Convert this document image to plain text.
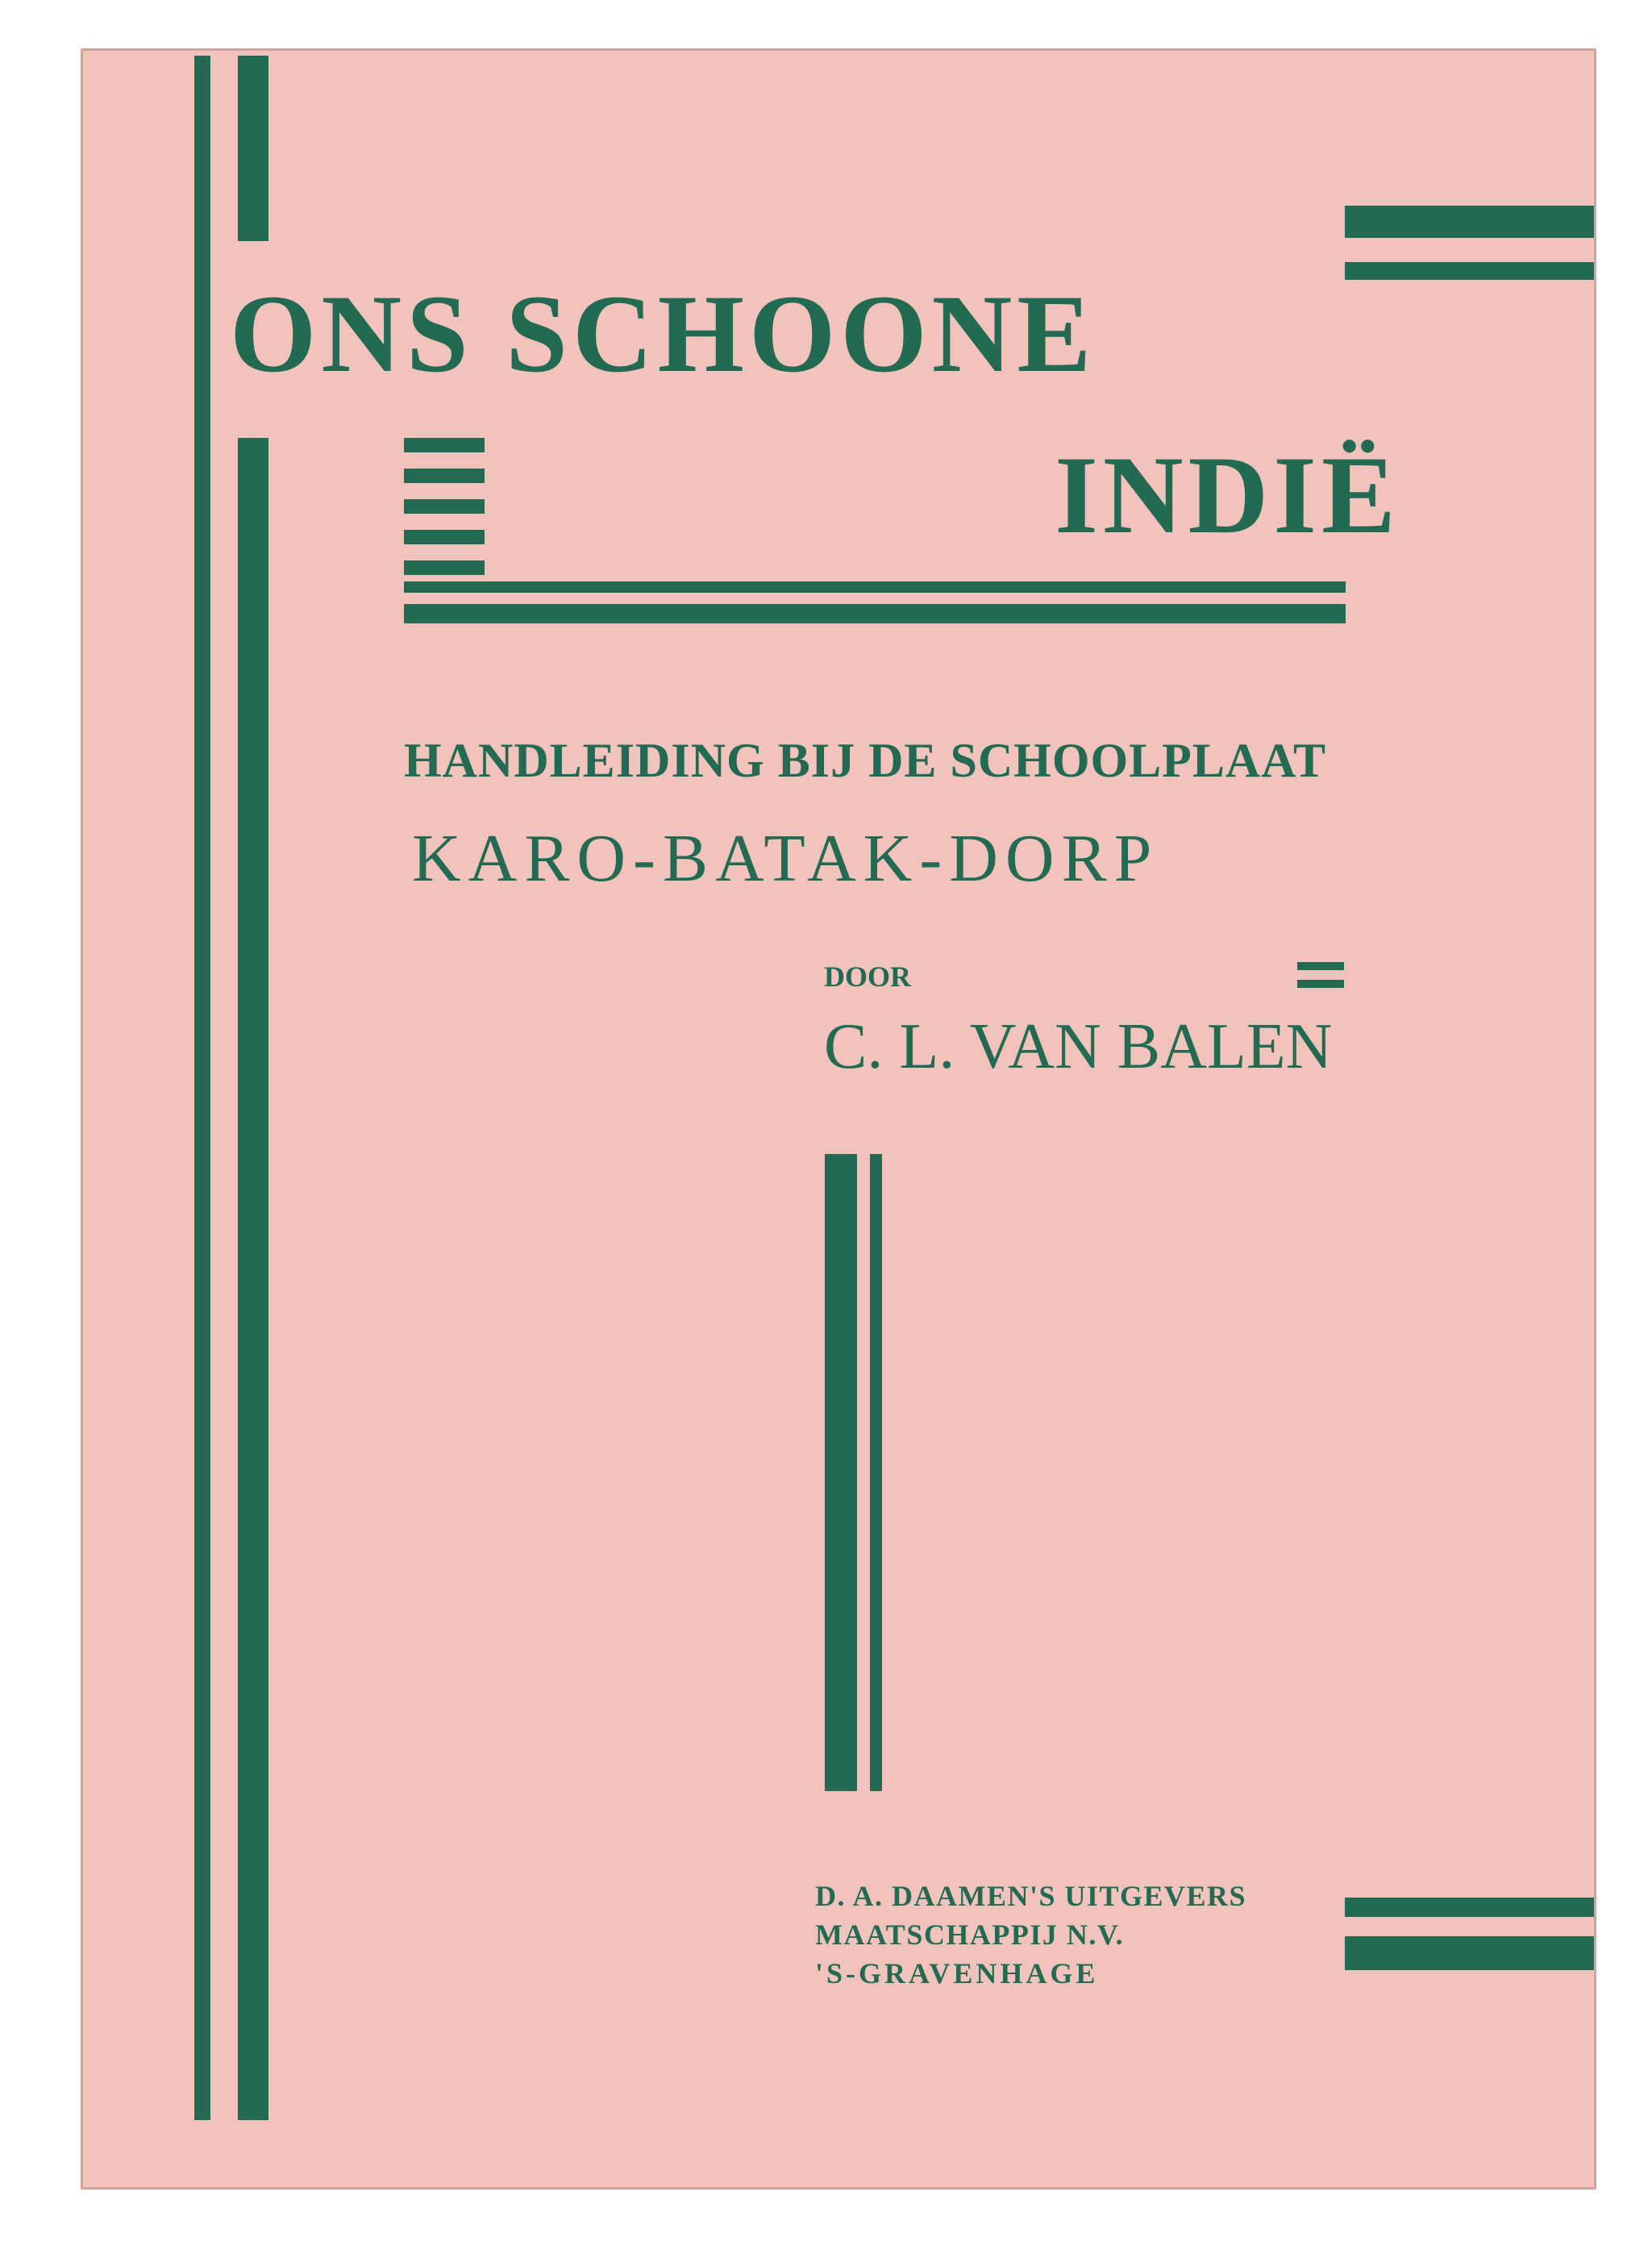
ONS SCHOONE
INDIË

HANDLEIDING BIJ DE SCHOOLPLAAT

KARO-BATAK-DORP

DOOR

C. L. VAN BALEN

D. A. DAAMEN'S UITGEVERS

MAATSCHAPPIJ N.V.

'S-GRAVENHAGE
